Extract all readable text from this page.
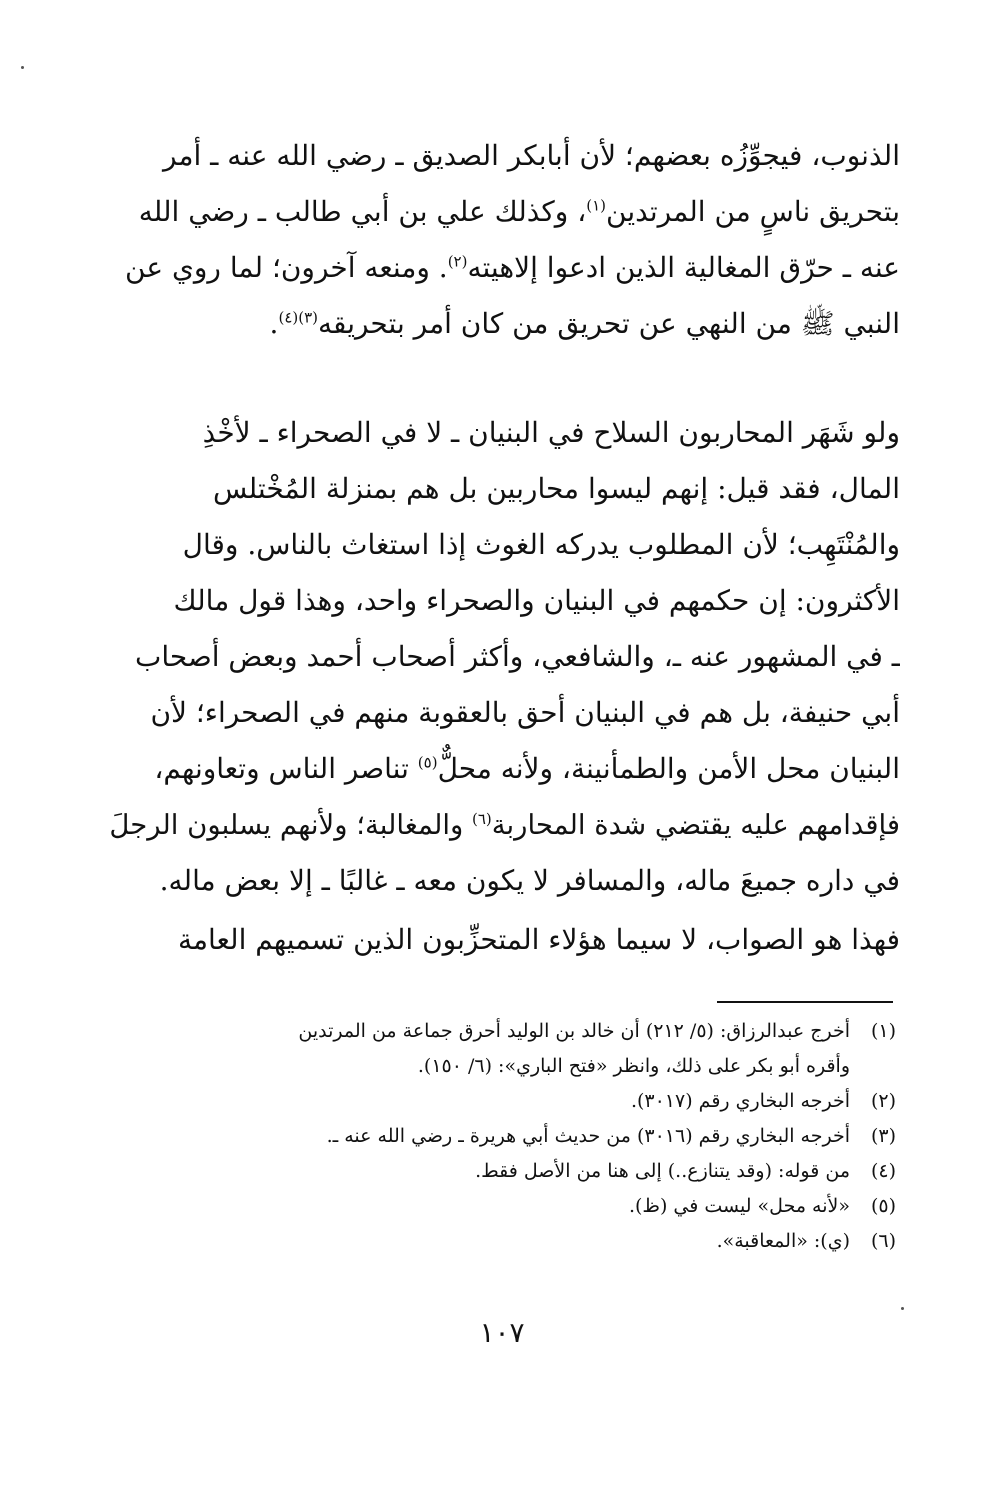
الذنوب، فيجوِّزُه بعضهم؛ لأن أبابكر الصديق ـ رضي الله عنه ـ أمر
بتحريق ناسٍ من المرتدين$^{(١)}$، وكذلك علي بن أبي طالب ـ رضي الله
عنه ـ حرّق المغالية الذين ادعوا إلاهيته$^{(٢)}$. ومنعه آخرون؛ لما روي عن
النبي ﷺ من النهي عن تحريق من كان أمر بتحريقه$^{(٣)(٤)}$.
ولو شَهَر المحاربون السلاح في البنيان ـ لا في الصحراء ـ لأخْذِ
المال، فقد قيل: إنهم ليسوا محاربين بل هم بمنزلة المُخْتلس
والمُنْتَهِب؛ لأن المطلوب يدركه الغوث إذا استغاث بالناس. وقال
الأكثرون: إن حكمهم في البنيان والصحراء واحد، وهذا قول مالك
ـ في المشهور عنه ـ، والشافعي، وأكثر أصحاب أحمد وبعض أصحاب
أبي حنيفة، بل هم في البنيان أحق بالعقوبة منهم في الصحراء؛ لأن
البنيان محل الأمن والطمأنينة، ولأنه محلٌّ$^{(٥)}$ تناصر الناس وتعاونهم،
فإقدامهم عليه يقتضي شدة المحاربة$^{(٦)}$ والمغالبة؛ ولأنهم يسلبون الرجلَ
في داره جميعَ ماله، والمسافر لا يكون معه ـ غالبًا ـ إلا بعض ماله.
فهذا هو الصواب، لا سيما هؤلاء المتحزِّبون الذين تسميهم العامة
(١)
أخرج عبدالرزاق: (٥/ ٢١٢) أن خالد بن الوليد أحرق جماعة من المرتدين
وأقره أبو بكر على ذلك، وانظر «فتح الباري»: (٦/ ١٥٠).
(٢)
أخرجه البخاري رقم (٣٠١٧).
(٣)
أخرجه البخاري رقم (٣٠١٦) من حديث أبي هريرة ـ رضي الله عنه ـ.
(٤)
من قوله: (وقد يتنازع..) إلى هنا من الأصل فقط.
(٥)
«لأنه محل» ليست في (ظ).
(٦)
(ي): «المعاقبة».
١٠٧
